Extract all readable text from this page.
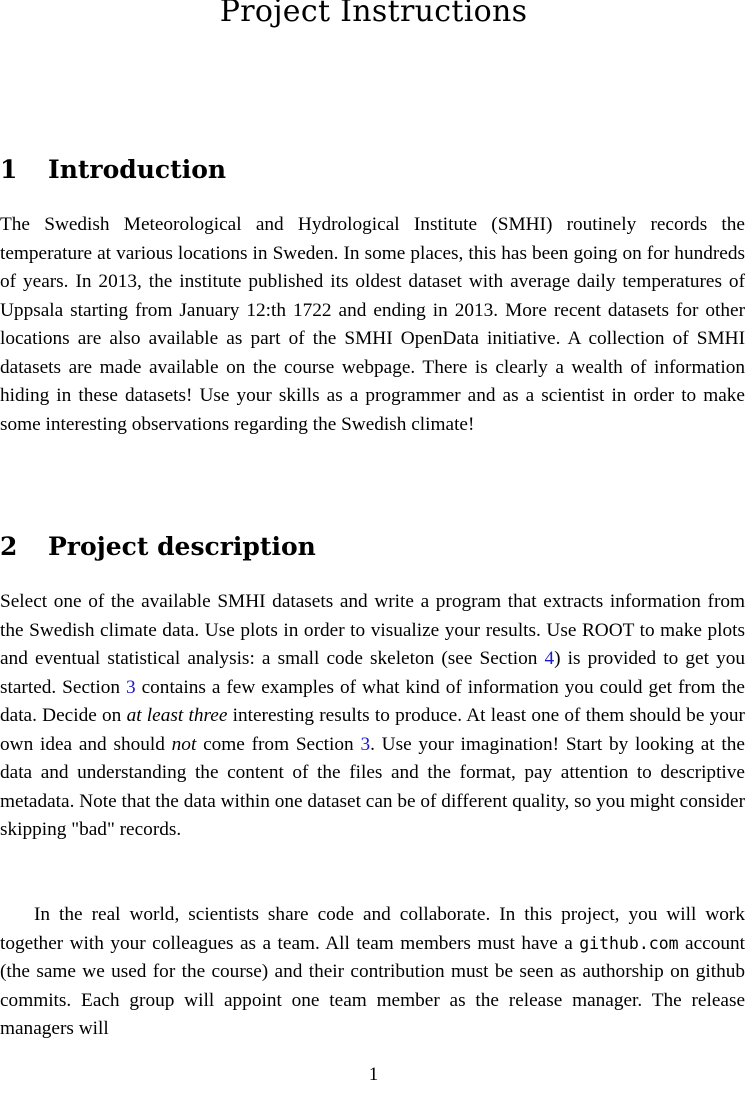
Project Instructions
1 Introduction

The Swedish Meteorological and Hydrological Institute (SMHI) routinely records the temperature at various locations in Sweden. In some places, this has been going on for hundreds of years. In 2013, the institute published its oldest dataset with average daily temperatures of Uppsala starting from January 12:th 1722 and ending in 2013. More recent datasets for other locations are also available as part of the SMHI OpenData initiative. A collection of SMHI datasets are made available on the course webpage. There is clearly a wealth of information hiding in these datasets! Use your skills as a programmer and as a scientist in order to make some interesting observations regarding the Swedish climate!

2 Project description

Select one of the available SMHI datasets and write a program that extracts information from the Swedish climate data. Use plots in order to visualize your results. Use ROOT to make plots and eventual statistical analysis: a small code skeleton (see Section 4) is provided to get you started. Section 3 contains a few examples of what kind of information you could get from the data. Decide on at least three interesting results to produce. At least one of them should be your own idea and should not come from Section 3. Use your imagination! Start by looking at the data and understanding the content of the files and the format, pay attention to descriptive metadata. Note that the data within one dataset can be of different quality, so you might consider skipping "bad" records.

In the real world, scientists share code and collaborate. In this project, you will work together with your colleagues as a team. All team members must have a github.com account (the same we used for the course) and their contribution must be seen as authorship on github commits. Each group will appoint one team member as the release manager. The release managers will

1
